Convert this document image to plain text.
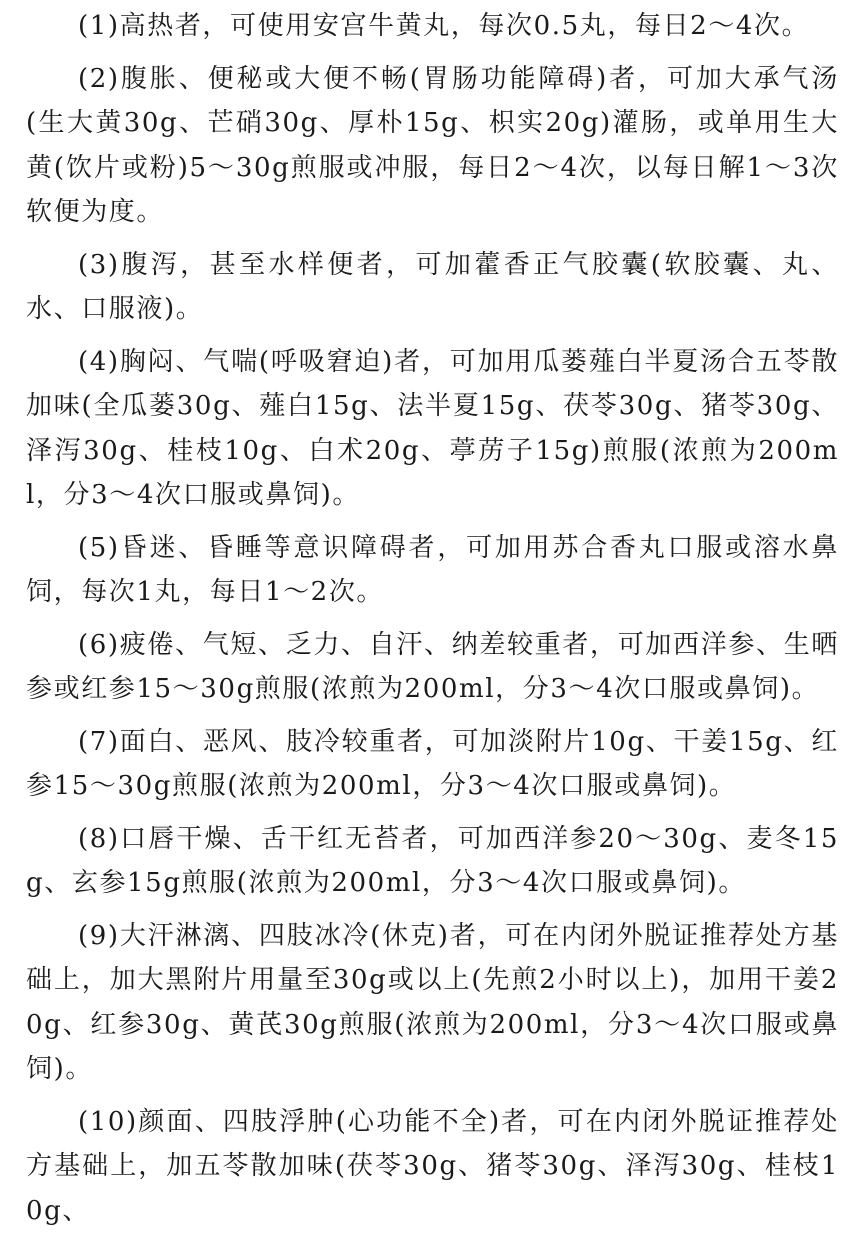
(1)高热者，可使用安宫牛黄丸，每次0.5丸，每日2～4次。

(2)腹胀、便秘或大便不畅(胃肠功能障碍)者，可加大承气汤(生大黄30g、芒硝30g、厚朴15g、枳实20g)灌肠，或单用生大黄(饮片或粉)5～30g煎服或冲服，每日2～4次，以每日解1～3次软便为度。

(3)腹泻，甚至水样便者，可加藿香正气胶囊(软胶囊、丸、水、口服液)。

(4)胸闷、气喘(呼吸窘迫)者，可加用瓜蒌薤白半夏汤合五苓散加味(全瓜蒌30g、薤白15g、法半夏15g、茯苓30g、猪苓30g、泽泻30g、桂枝10g、白术20g、葶苈子15g)煎服(浓煎为200ml，分3～4次口服或鼻饲)。

(5)昏迷、昏睡等意识障碍者，可加用苏合香丸口服或溶水鼻饲，每次1丸，每日1～2次。

(6)疲倦、气短、乏力、自汗、纳差较重者，可加西洋参、生晒参或红参15～30g煎服(浓煎为200ml，分3～4次口服或鼻饲)。

(7)面白、恶风、肢冷较重者，可加淡附片10g、干姜15g、红参15～30g煎服(浓煎为200ml，分3～4次口服或鼻饲)。

(8)口唇干燥、舌干红无苔者，可加西洋参20～30g、麦冬15g、玄参15g煎服(浓煎为200ml，分3～4次口服或鼻饲)。

(9)大汗淋漓、四肢冰冷(休克)者，可在内闭外脱证推荐处方基础上，加大黑附片用量至30g或以上(先煎2小时以上)，加用干姜20g、红参30g、黄芪30g煎服(浓煎为200ml，分3～4次口服或鼻饲)。

(10)颜面、四肢浮肿(心功能不全)者，可在内闭外脱证推荐处方基础上，加五苓散加味(茯苓30g、猪苓30g、泽泻30g、桂枝10g、
